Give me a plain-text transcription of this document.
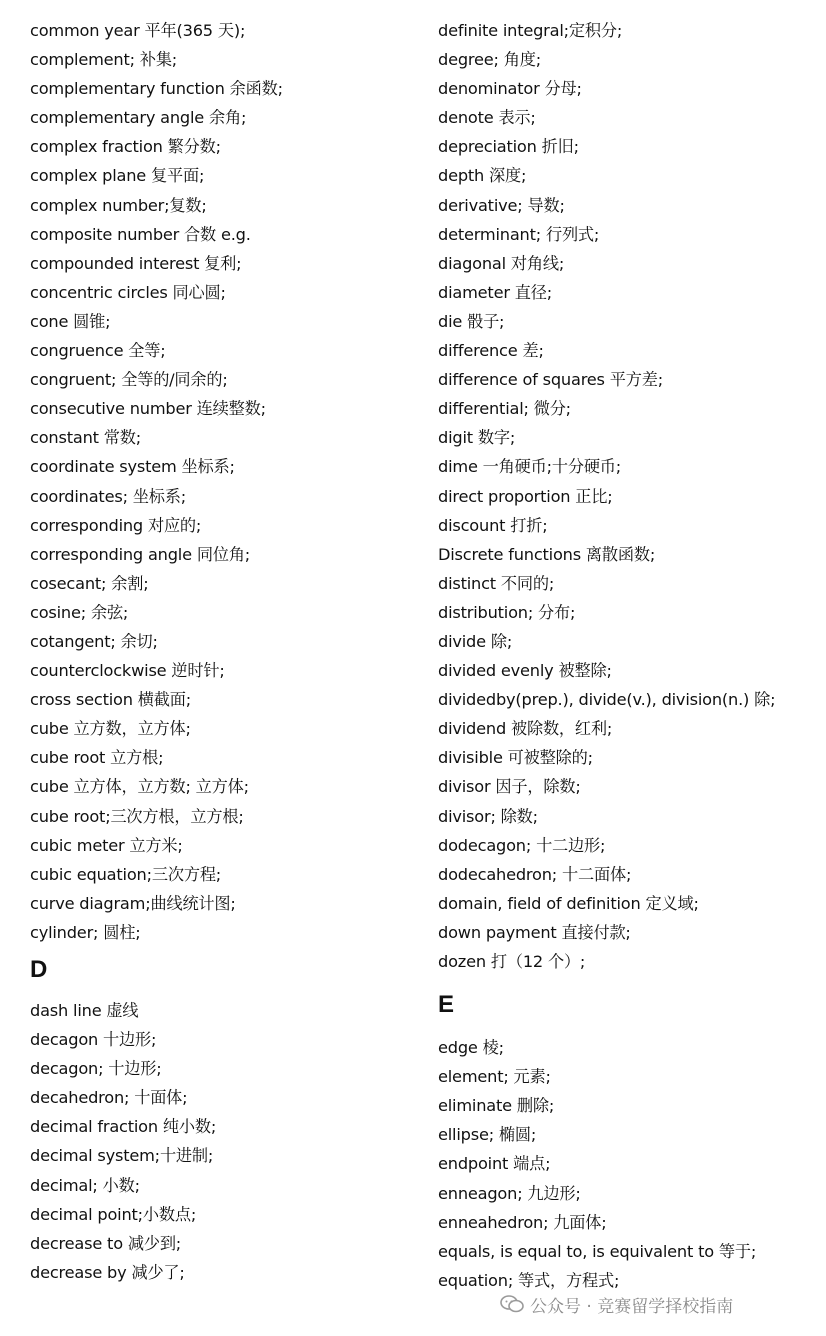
common year 平年(365 天);
complement; 补集;
complementary function 余函数;
complementary angle 余角;
complex fraction 繁分数;
complex plane 复平面;
complex number;复数;
composite number 合数 e.g.
compounded interest 复利;
concentric circles 同心圆;
cone 圆锥;
congruence 全等;
congruent; 全等的/同余的;
consecutive number 连续整数;
constant 常数;
coordinate system 坐标系;
coordinates; 坐标系;
corresponding 对应的;
corresponding angle 同位角;
cosecant; 余割;
cosine; 余弦;
cotangent; 余切;
counterclockwise 逆时针;
cross section 横截面;
cube 立方数，立方体;
cube root 立方根;
cube 立方体，立方数; 立方体;
cube root;三次方根，立方根;
cubic meter 立方米;
cubic equation;三次方程;
curve diagram;曲线统计图;
cylinder; 圆柱;
D
dash line 虚线
decagon 十边形;
decagon; 十边形;
decahedron; 十面体;
decimal fraction 纯小数;
decimal system;十进制;
decimal; 小数;
decimal point;小数点;
decrease to 减少到;
decrease by 减少了;
definite integral;定积分;
degree; 角度;
denominator 分母;
denote 表示;
depreciation 折旧;
depth 深度;
derivative; 导数;
determinant; 行列式;
diagonal 对角线;
diameter 直径;
die 骰子;
difference 差;
difference of squares 平方差;
differential; 微分;
digit 数字;
dime 一角硬币;十分硬币;
direct proportion 正比;
discount 打折;
Discrete functions 离散函数;
distinct 不同的;
distribution; 分布;
divide 除;
divided evenly 被整除;
dividedby(prep.), divide(v.), division(n.) 除;
dividend 被除数，红利;
divisible 可被整除的;
divisor 因子，除数;
divisor; 除数;
dodecagon; 十二边形;
dodecahedron; 十二面体;
domain, field of definition 定义域;
down payment 直接付款;
dozen 打（12 个）;
E
edge 棱;
element; 元素;
eliminate 删除;
ellipse; 椭圆;
endpoint 端点;
enneagon; 九边形;
enneahedron; 九面体;
equals, is equal to, is equivalent to 等于;
equation; 等式，方程式;
公众号 · 竞赛留学择校指南
